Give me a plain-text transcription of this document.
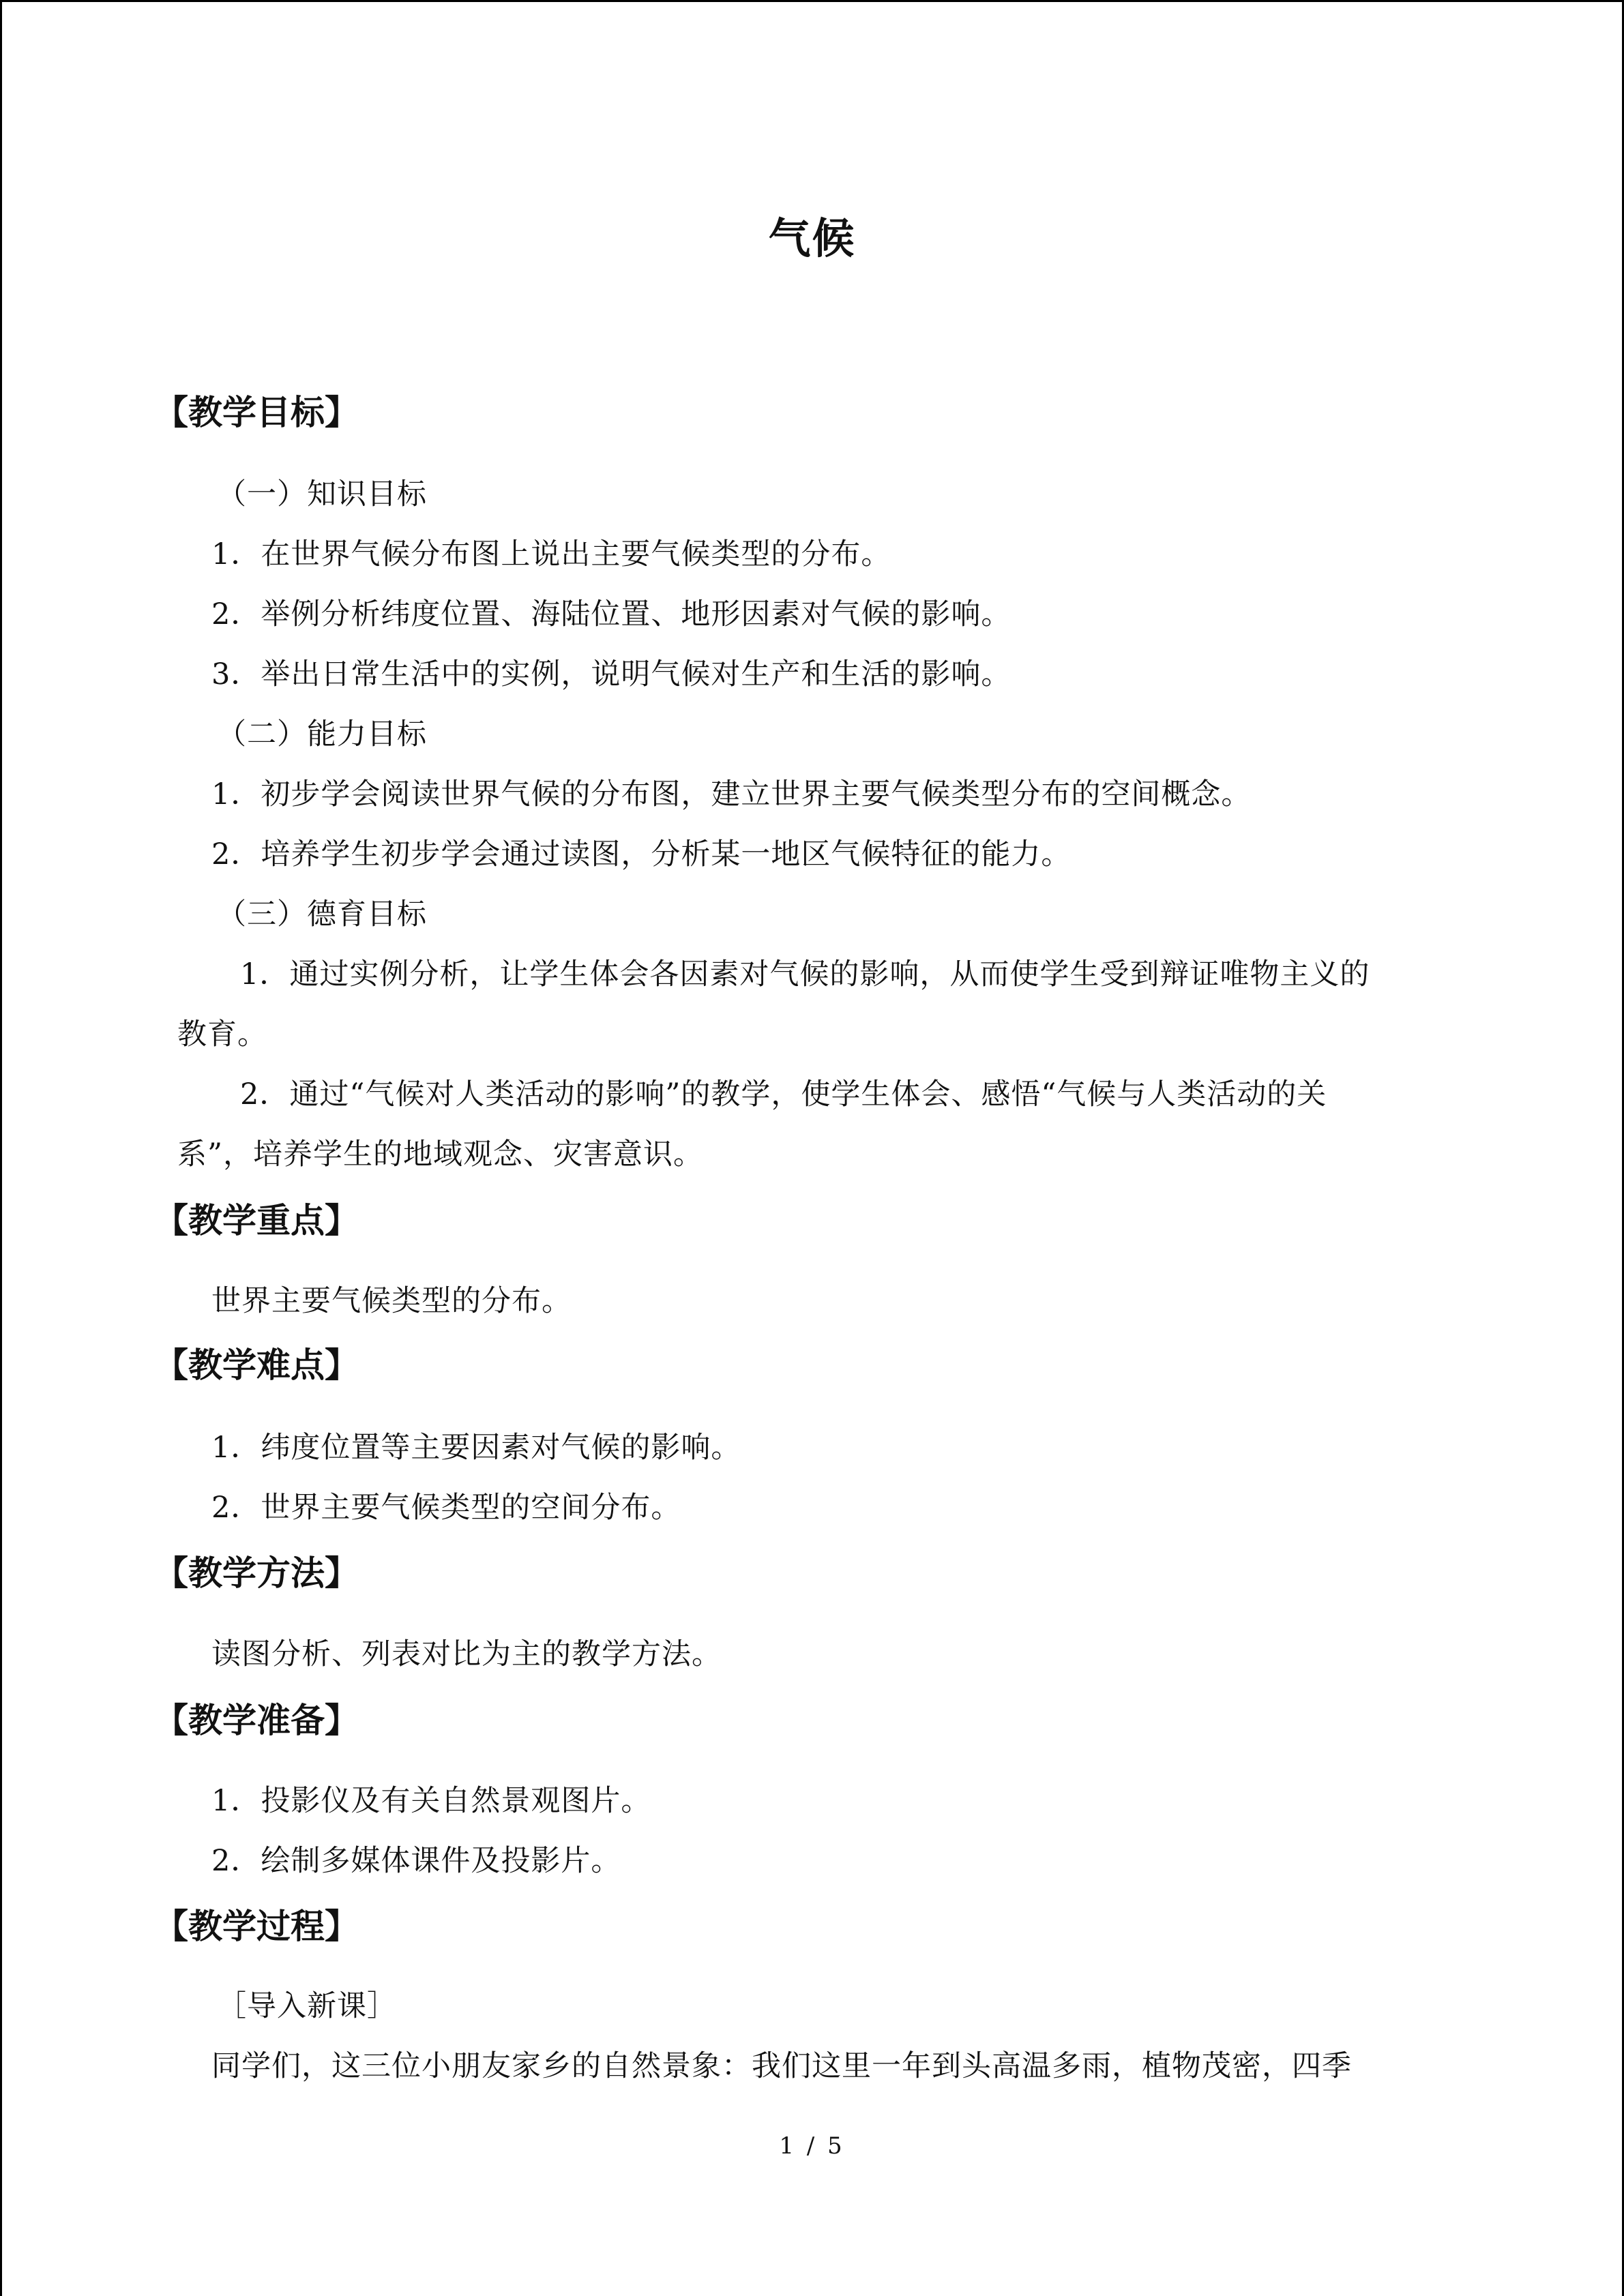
气候
【教学目标】
（一）知识目标
1．在世界气候分布图上说出主要气候类型的分布。
2．举例分析纬度位置、海陆位置、地形因素对气候的影响。
3．举出日常生活中的实例，说明气候对生产和生活的影响。
（二）能力目标
1．初步学会阅读世界气候的分布图，建立世界主要气候类型分布的空间概念。
2．培养学生初步学会通过读图，分析某一地区气候特征的能力。
（三）德育目标
1．通过实例分析，让学生体会各因素对气候的影响，从而使学生受到辩证唯物主义的
教育。
2．通过“气候对人类活动的影响”的教学，使学生体会、感悟“气候与人类活动的关
系”，培养学生的地域观念、灾害意识。
【教学重点】
世界主要气候类型的分布。
【教学难点】
1．纬度位置等主要因素对气候的影响。
2．世界主要气候类型的空间分布。
【教学方法】
读图分析、列表对比为主的教学方法。
【教学准备】
1．投影仪及有关自然景观图片。
2．绘制多媒体课件及投影片。
【教学过程】
［导入新课］
同学们，这三位小朋友家乡的自然景象：我们这里一年到头高温多雨，植物茂密，四季
1 / 5
